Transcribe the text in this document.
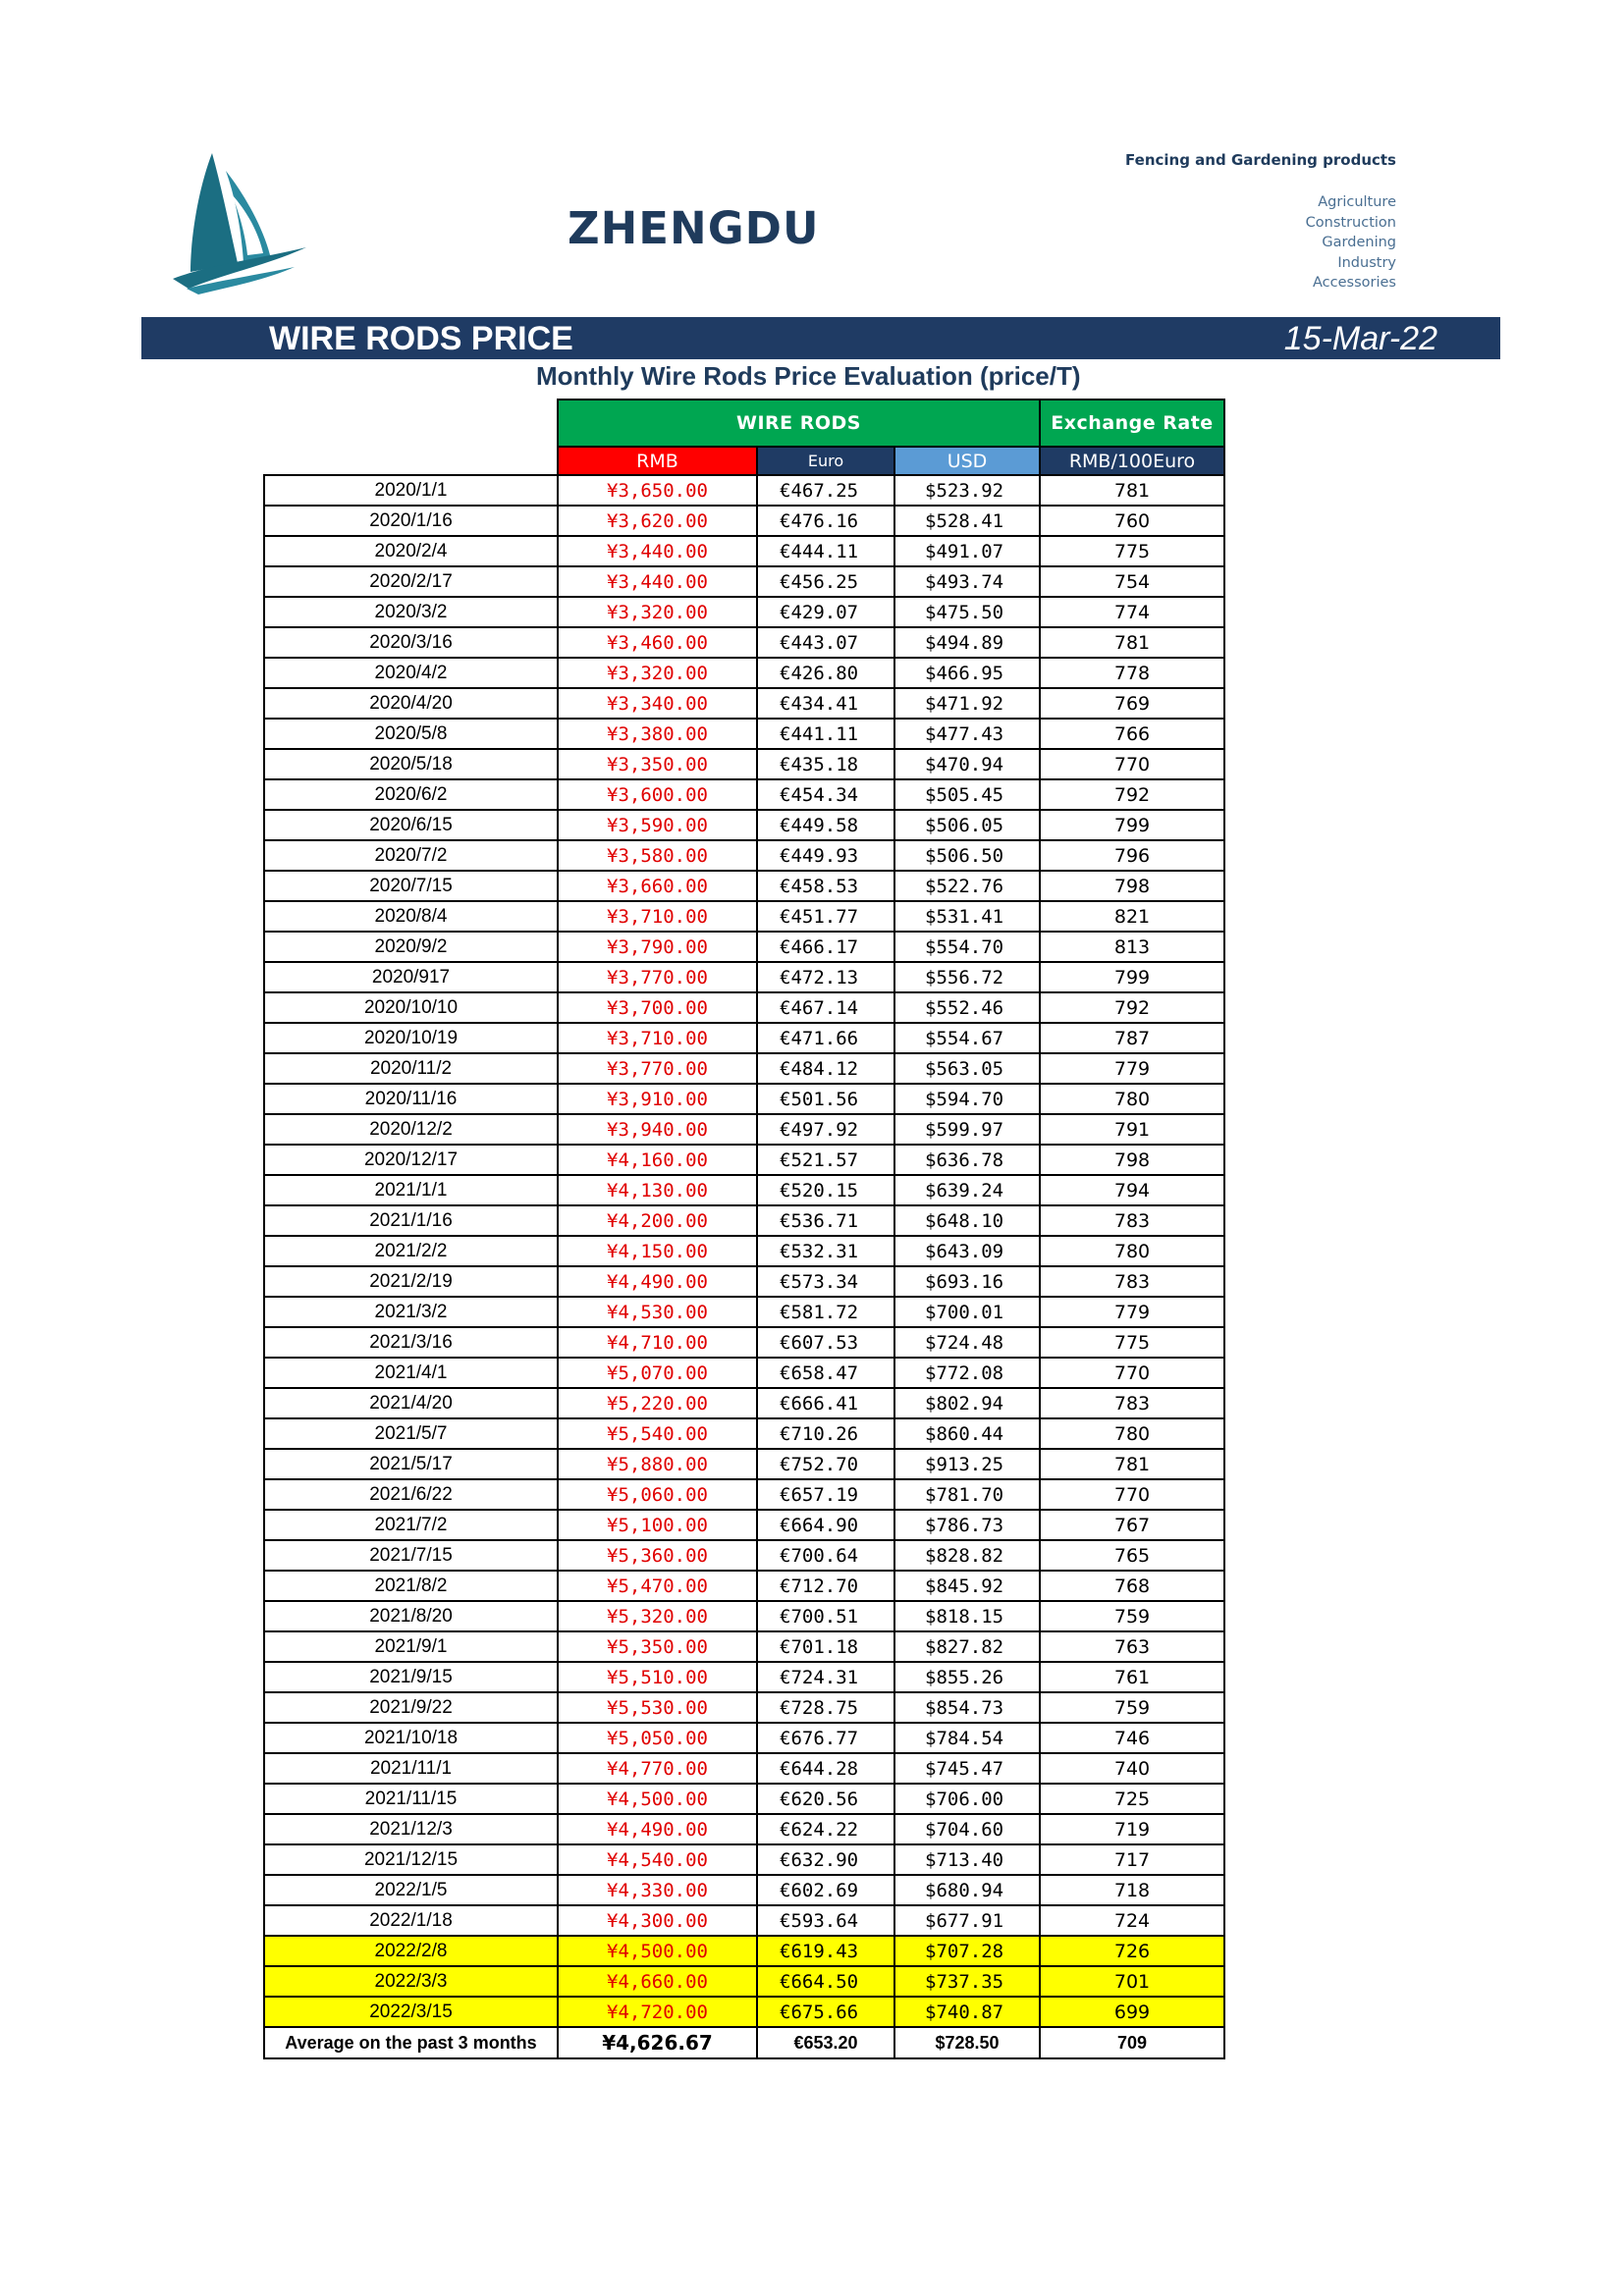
ZHENGDU
Fencing and Gardening products
Agriculture
Construction
Gardening
Industry
Accessories
WIRE RODS PRICE	15-Mar-22
Monthly Wire Rods Price Evaluation (price/T)
	WIRE RODS			Exchange Rate
	RMB	Euro	USD	RMB/100Euro
2020/1/1	¥3,650.00	€467.25	$523.92	781
2020/1/16	¥3,620.00	€476.16	$528.41	760
2020/2/4	¥3,440.00	€444.11	$491.07	775
2020/2/17	¥3,440.00	€456.25	$493.74	754
2020/3/2	¥3,320.00	€429.07	$475.50	774
2020/3/16	¥3,460.00	€443.07	$494.89	781
2020/4/2	¥3,320.00	€426.80	$466.95	778
2020/4/20	¥3,340.00	€434.41	$471.92	769
2020/5/8	¥3,380.00	€441.11	$477.43	766
2020/5/18	¥3,350.00	€435.18	$470.94	770
2020/6/2	¥3,600.00	€454.34	$505.45	792
2020/6/15	¥3,590.00	€449.58	$506.05	799
2020/7/2	¥3,580.00	€449.93	$506.50	796
2020/7/15	¥3,660.00	€458.53	$522.76	798
2020/8/4	¥3,710.00	€451.77	$531.41	821
2020/9/2	¥3,790.00	€466.17	$554.70	813
2020/917	¥3,770.00	€472.13	$556.72	799
2020/10/10	¥3,700.00	€467.14	$552.46	792
2020/10/19	¥3,710.00	€471.66	$554.67	787
2020/11/2	¥3,770.00	€484.12	$563.05	779
2020/11/16	¥3,910.00	€501.56	$594.70	780
2020/12/2	¥3,940.00	€497.92	$599.97	791
2020/12/17	¥4,160.00	€521.57	$636.78	798
2021/1/1	¥4,130.00	€520.15	$639.24	794
2021/1/16	¥4,200.00	€536.71	$648.10	783
2021/2/2	¥4,150.00	€532.31	$643.09	780
2021/2/19	¥4,490.00	€573.34	$693.16	783
2021/3/2	¥4,530.00	€581.72	$700.01	779
2021/3/16	¥4,710.00	€607.53	$724.48	775
2021/4/1	¥5,070.00	€658.47	$772.08	770
2021/4/20	¥5,220.00	€666.41	$802.94	783
2021/5/7	¥5,540.00	€710.26	$860.44	780
2021/5/17	¥5,880.00	€752.70	$913.25	781
2021/6/22	¥5,060.00	€657.19	$781.70	770
2021/7/2	¥5,100.00	€664.90	$786.73	767
2021/7/15	¥5,360.00	€700.64	$828.82	765
2021/8/2	¥5,470.00	€712.70	$845.92	768
2021/8/20	¥5,320.00	€700.51	$818.15	759
2021/9/1	¥5,350.00	€701.18	$827.82	763
2021/9/15	¥5,510.00	€724.31	$855.26	761
2021/9/22	¥5,530.00	€728.75	$854.73	759
2021/10/18	¥5,050.00	€676.77	$784.54	746
2021/11/1	¥4,770.00	€644.28	$745.47	740
2021/11/15	¥4,500.00	€620.56	$706.00	725
2021/12/3	¥4,490.00	€624.22	$704.60	719
2021/12/15	¥4,540.00	€632.90	$713.40	717
2022/1/5	¥4,330.00	€602.69	$680.94	718
2022/1/18	¥4,300.00	€593.64	$677.91	724
2022/2/8	¥4,500.00	€619.43	$707.28	726
2022/3/3	¥4,660.00	€664.50	$737.35	701
2022/3/15	¥4,720.00	€675.66	$740.87	699
Average on the past 3 months	¥4,626.67	€653.20	$728.50	709
